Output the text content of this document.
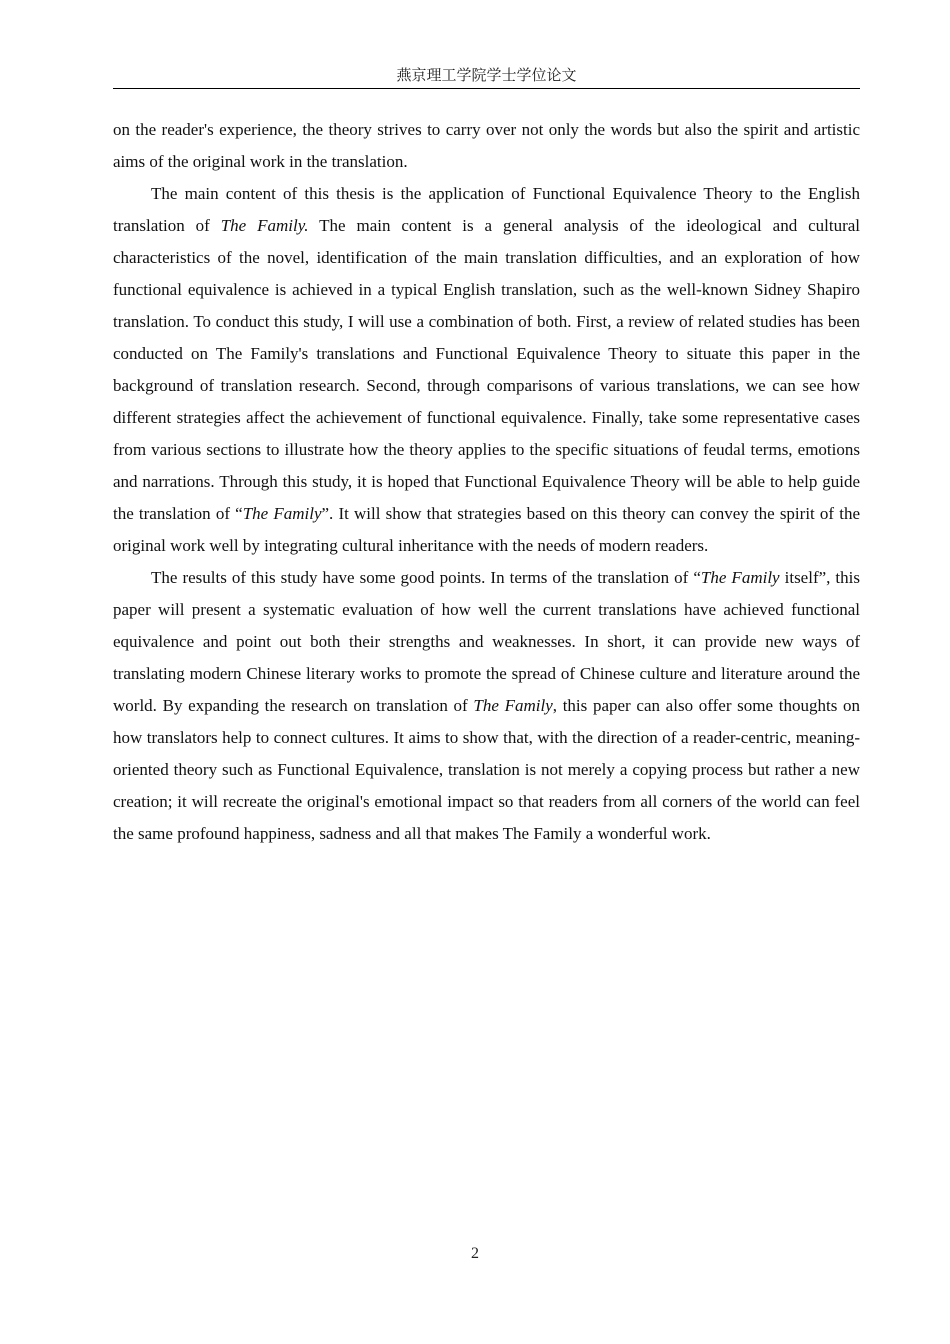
燕京理工学院学士学位论文

on the reader's experience, the theory strives to carry over not only the words but also the spirit and artistic aims of the original work in the translation.

The main content of this thesis is the application of Functional Equivalence Theory to the English translation of The Family. The main content is a general analysis of the ideological and cultural characteristics of the novel, identification of the main translation difficulties, and an exploration of how functional equivalence is achieved in a typical English translation, such as the well-known Sidney Shapiro translation. To conduct this study, I will use a combination of both. First, a review of related studies has been conducted on The Family's translations and Functional Equivalence Theory to situate this paper in the background of translation research. Second, through comparisons of various translations, we can see how different strategies affect the achievement of functional equivalence. Finally, take some representative cases from various sections to illustrate how the theory applies to the specific situations of feudal terms, emotions and narrations. Through this study, it is hoped that Functional Equivalence Theory will be able to help guide the translation of “The Family”. It will show that strategies based on this theory can convey the spirit of the original work well by integrating cultural inheritance with the needs of modern readers.

The results of this study have some good points. In terms of the translation of “The Family itself”, this paper will present a systematic evaluation of how well the current translations have achieved functional equivalence and point out both their strengths and weaknesses. In short, it can provide new ways of translating modern Chinese literary works to promote the spread of Chinese culture and literature around the world. By expanding the research on translation of The Family, this paper can also offer some thoughts on how translators help to connect cultures. It aims to show that, with the direction of a reader-centric, meaning-oriented theory such as Functional Equivalence, translation is not merely a copying process but rather a new creation; it will recreate the original's emotional impact so that readers from all corners of the world can feel the same profound happiness, sadness and all that makes The Family a wonderful work.

2
